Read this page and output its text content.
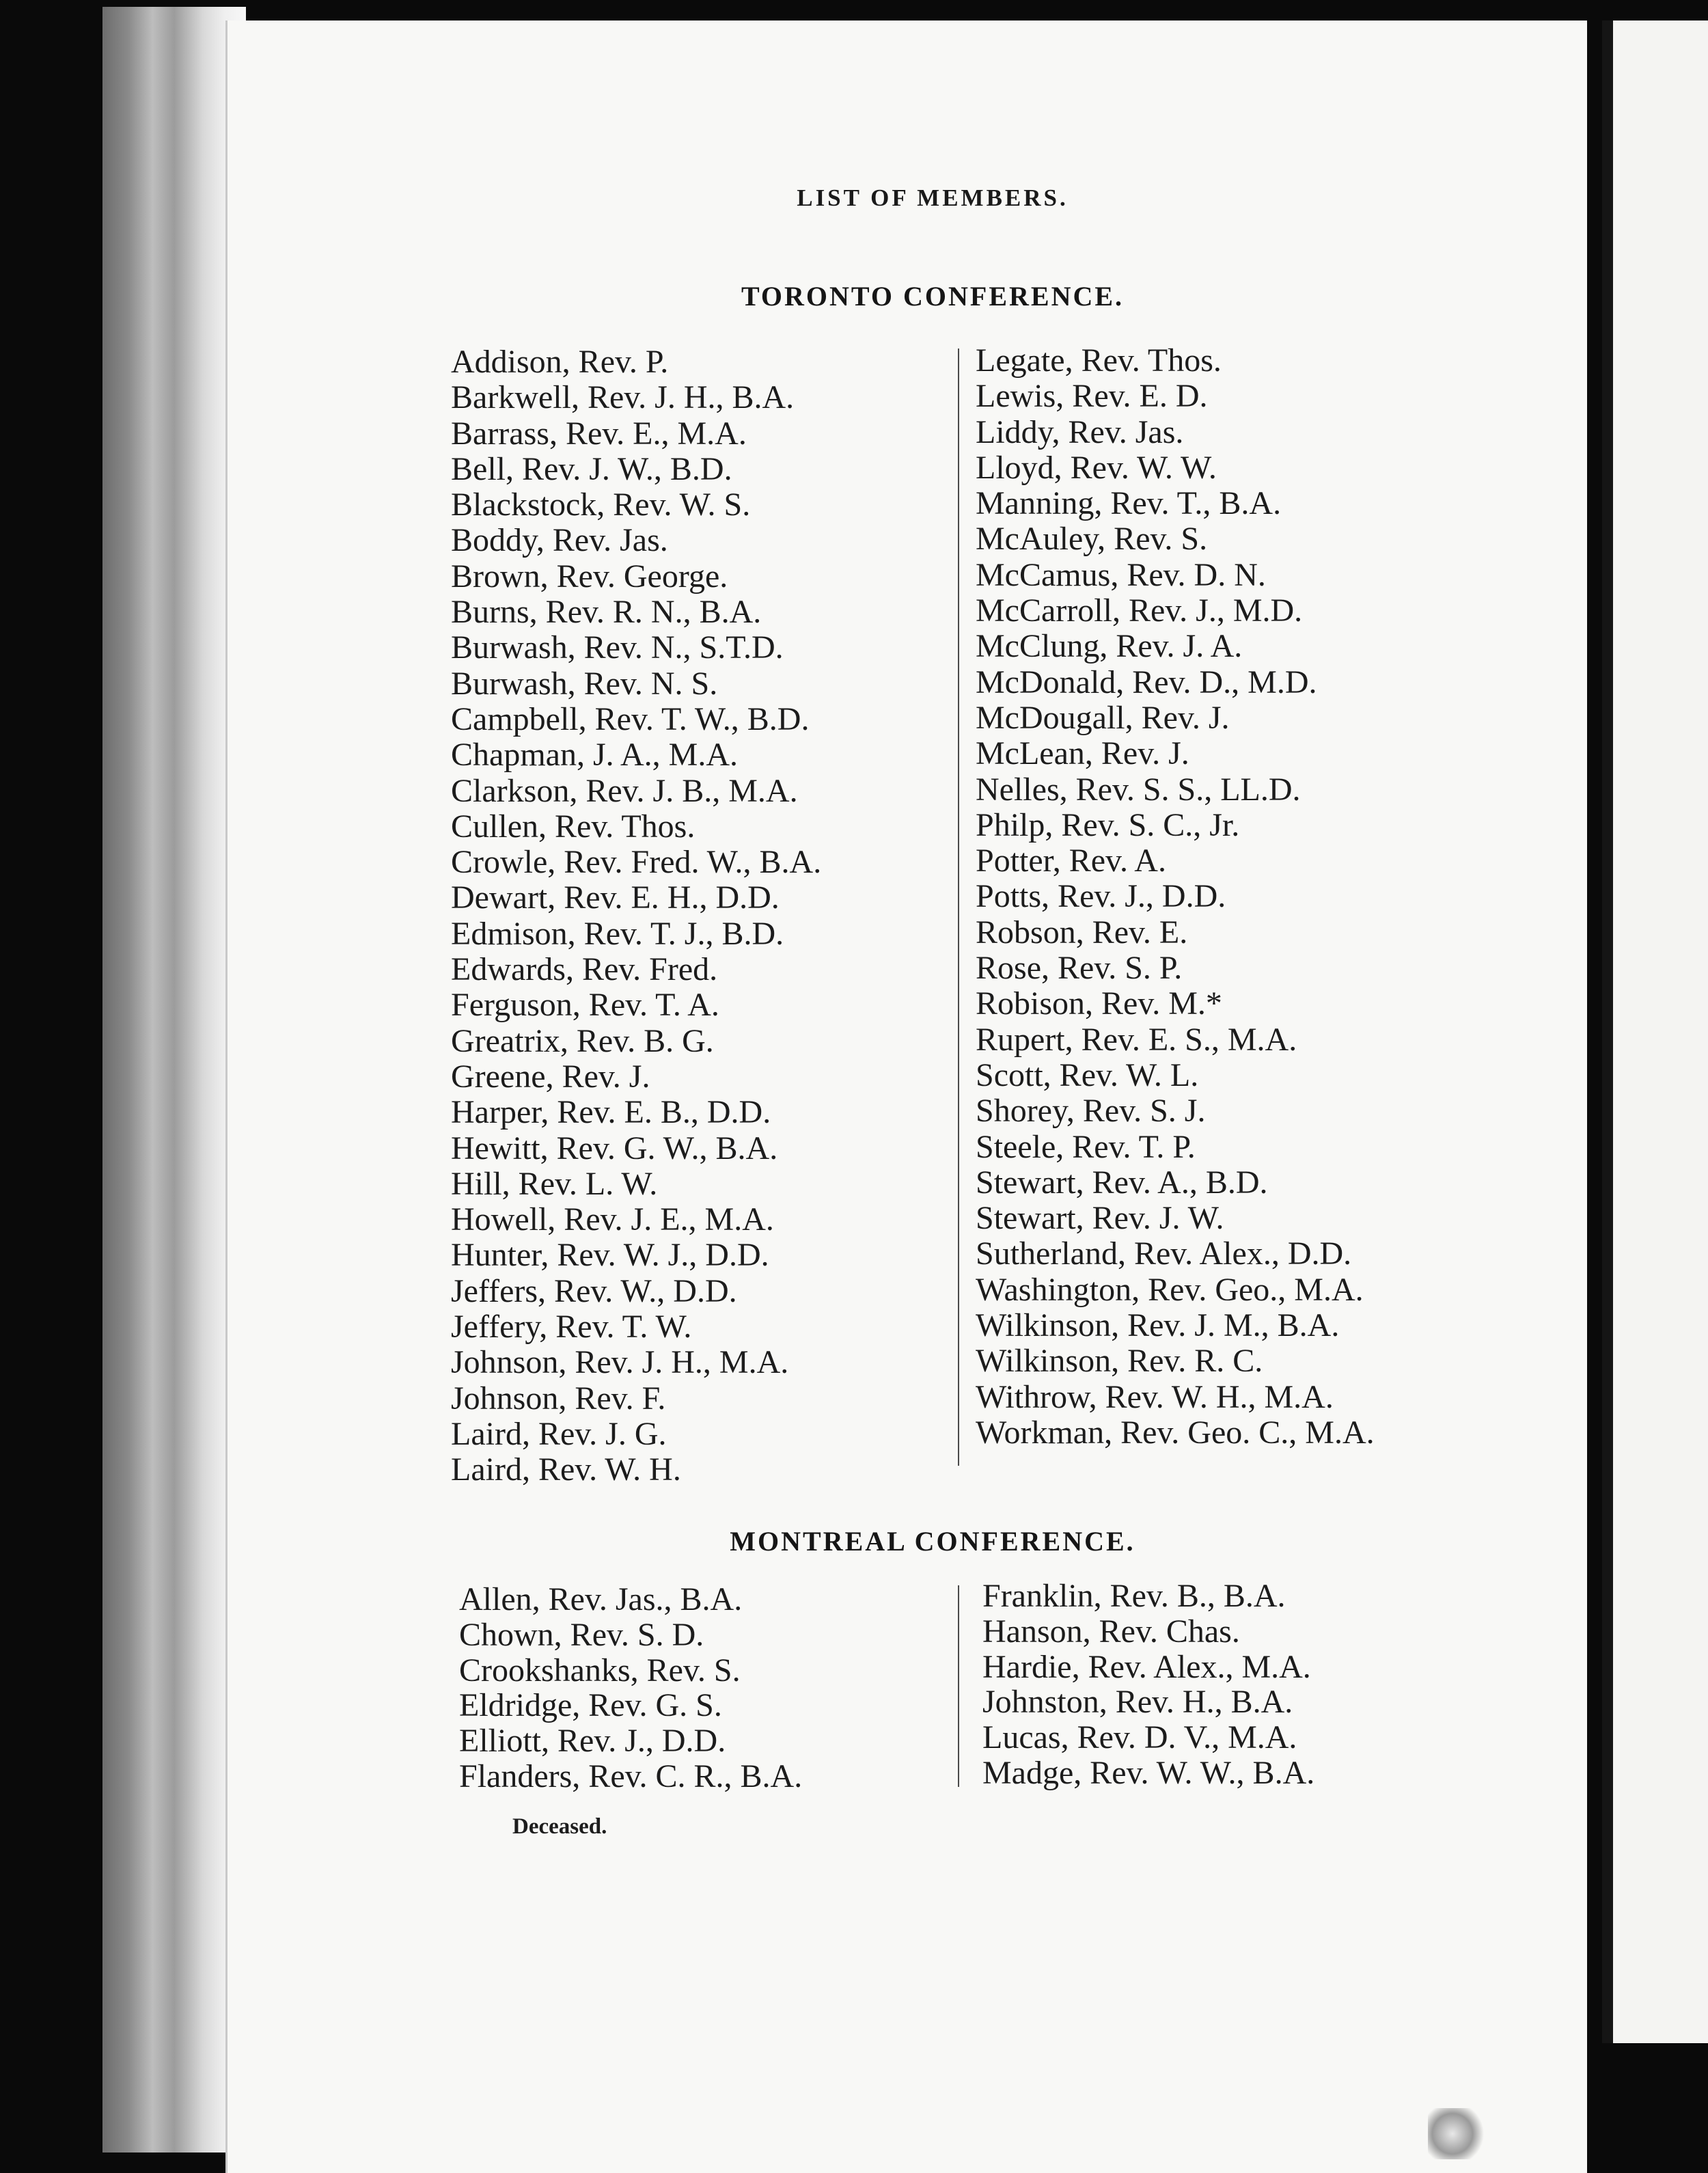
LIST OF MEMBERS.
TORONTO CONFERENCE.
Addison, Rev. P.
Barkwell, Rev. J. H., B.A.
Barrass, Rev. E., M.A.
Bell, Rev. J. W., B.D.
Blackstock, Rev. W. S.
Boddy, Rev. Jas.
Brown, Rev. George.
Burns, Rev. R. N., B.A.
Burwash, Rev. N., S.T.D.
Burwash, Rev. N. S.
Campbell, Rev. T. W., B.D.
Chapman, J. A., M.A.
Clarkson, Rev. J. B., M.A.
Cullen, Rev. Thos.
Crowle, Rev. Fred. W., B.A.
Dewart, Rev. E. H., D.D.
Edmison, Rev. T. J., B.D.
Edwards, Rev. Fred.
Ferguson, Rev. T. A.
Greatrix, Rev. B. G.
Greene, Rev. J.
Harper, Rev. E. B., D.D.
Hewitt, Rev. G. W., B.A.
Hill, Rev. L. W.
Howell, Rev. J. E., M.A.
Hunter, Rev. W. J., D.D.
Jeffers, Rev. W., D.D.
Jeffery, Rev. T. W.
Johnson, Rev. J. H., M.A.
Johnson, Rev. F.
Laird, Rev. J. G.
Laird, Rev. W. H.
Legate, Rev. Thos.
Lewis, Rev. E. D.
Liddy, Rev. Jas.
Lloyd, Rev. W. W.
Manning, Rev. T., B.A.
McAuley, Rev. S.
McCamus, Rev. D. N.
McCarroll, Rev. J., M.D.
McClung, Rev. J. A.
McDonald, Rev. D., M.D.
McDougall, Rev. J.
McLean, Rev. J.
Nelles, Rev. S. S., LL.D.
Philp, Rev. S. C., Jr.
Potter, Rev. A.
Potts, Rev. J., D.D.
Robson, Rev. E.
Rose, Rev. S. P.
Robison, Rev. M.*
Rupert, Rev. E. S., M.A.
Scott, Rev. W. L.
Shorey, Rev. S. J.
Steele, Rev. T. P.
Stewart, Rev. A., B.D.
Stewart, Rev. J. W.
Sutherland, Rev. Alex., D.D.
Washington, Rev. Geo., M.A.
Wilkinson, Rev. J. M., B.A.
Wilkinson, Rev. R. C.
Withrow, Rev. W. H., M.A.
Workman, Rev. Geo. C., M.A.
MONTREAL CONFERENCE.
Allen, Rev. Jas., B.A.
Chown, Rev. S. D.
Crookshanks, Rev. S.
Eldridge, Rev. G. S.
Elliott, Rev. J., D.D.
Flanders, Rev. C. R., B.A.
Franklin, Rev. B., B.A.
Hanson, Rev. Chas.
Hardie, Rev. Alex., M.A.
Johnston, Rev. H., B.A.
Lucas, Rev. D. V., M.A.
Madge, Rev. W. W., B.A.
Deceased.
